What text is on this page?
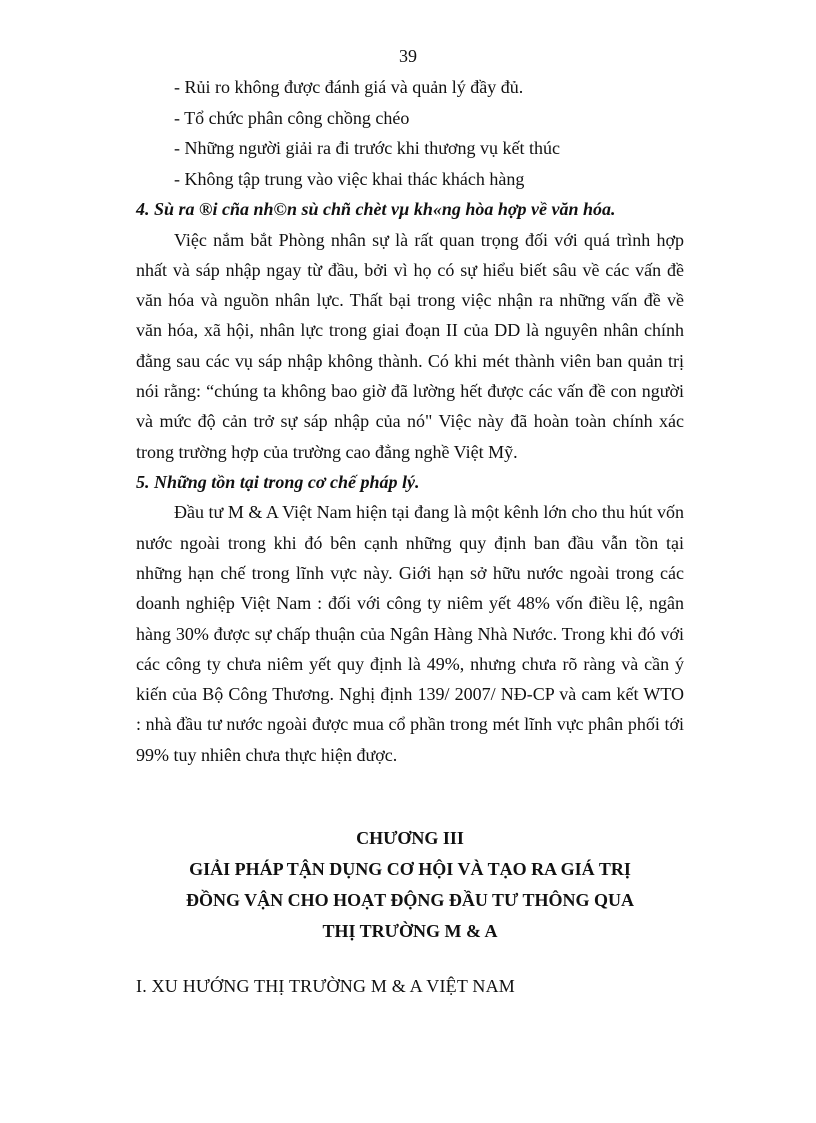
39

- Rủi ro không được đánh giá và quản lý đầy đủ.

- Tổ chức phân công chồng chéo

- Những người giải ra đi trước khi thương vụ kết thúc

- Không tập trung vào việc khai thác khách hàng

4. Sù ra ®i cña nh©n sù chñ chèt vµ kh«ng hòa hợp về văn hóa.

Việc nắm bắt Phòng nhân sự là rất quan trọng đối với quá trình hợp nhất và sáp nhập ngay từ đầu, bởi vì họ có sự hiểu biết sâu về các vấn đề văn hóa và nguồn nhân lực. Thất bại trong việc nhận ra những vấn đề về văn hóa, xã hội, nhân lực trong giai đoạn II của DD là nguyên nhân chính đằng sau các vụ sáp nhập không thành. Có khi mét thành viên ban quản trị nói rằng: “chúng ta không bao giờ đã lường hết được các vấn đề con người và mức độ cản trở sự sáp nhập của nó" Việc này đã hoàn toàn chính xác trong trường hợp của trường cao đẳng nghề Việt Mỹ.

5. Những tồn tại trong cơ chế pháp lý.

Đầu tư M & A Việt Nam hiện tại đang là một kênh lớn cho thu hút vốn nước ngoài trong khi đó bên cạnh những quy định ban đầu vẫn tồn tại những hạn chế trong lĩnh vực này. Giới hạn sở hữu nước ngoài trong các doanh nghiệp Việt Nam : đối với công ty niêm yết 48% vốn điều lệ, ngân hàng 30% được sự chấp thuận của Ngân Hàng Nhà Nước. Trong khi đó với các công ty chưa niêm yết quy định là 49%, nhưng chưa rõ ràng và cần ý kiến của Bộ Công Thương. Nghị định 139/ 2007/ NĐ-CP và cam kết WTO : nhà đầu tư nước ngoài được mua cổ phần trong mét lĩnh vực phân phối tới 99% tuy nhiên chưa thực hiện được.

CHƯƠNG III
GIẢI PHÁP TẬN DỤNG CƠ HỘI VÀ TẠO RA GIÁ TRỊ
ĐỒNG VẬN CHO HOẠT ĐỘNG ĐẦU TƯ THÔNG QUA
THỊ TRƯỜNG M & A
I. XU HƯỚNG THỊ TRƯỜNG M & A VIỆT NAM
